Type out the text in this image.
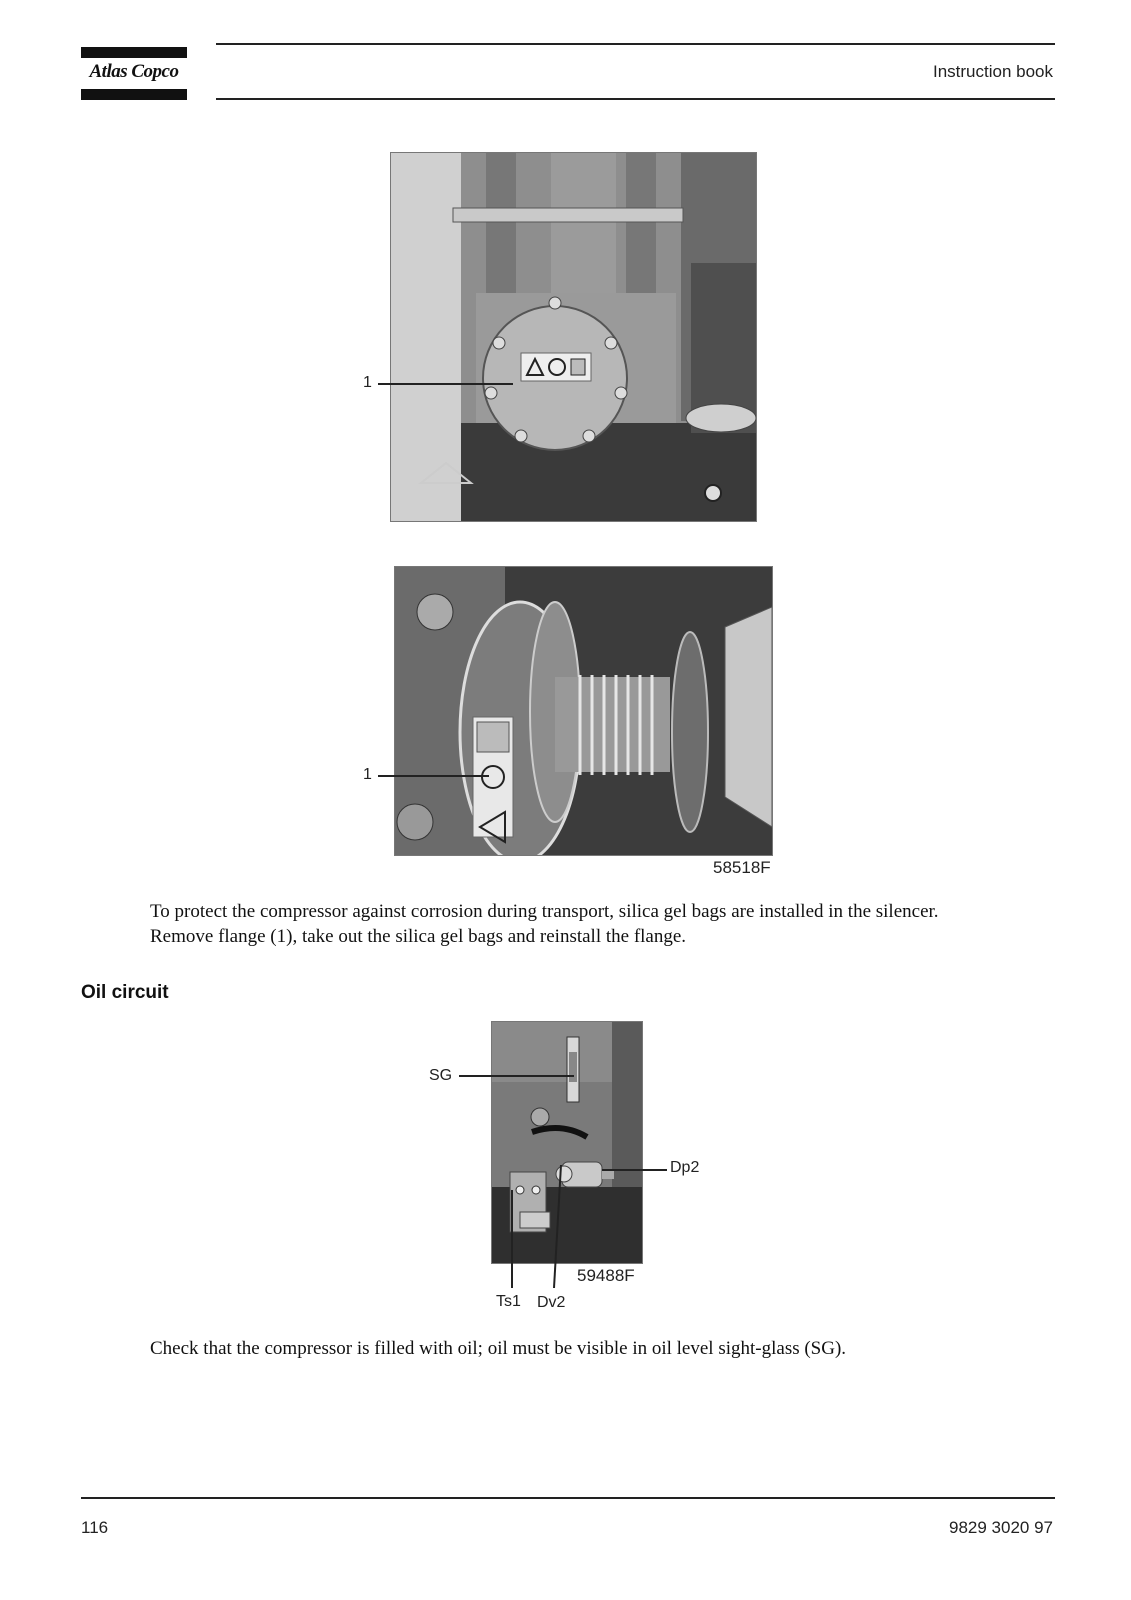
Atlas Copco	Instruction book
1
1
58518F
To protect the compressor against corrosion during transport, silica gel bags are installed in the silencer.
Remove flange (1), take out the silica gel bags and reinstall the flange.
Oil circuit
SG
Dp2
59488F
Ts1 Dv2
Check that the compressor is filled with oil; oil must be visible in oil level sight-glass (SG).
116	9829 3020 97
